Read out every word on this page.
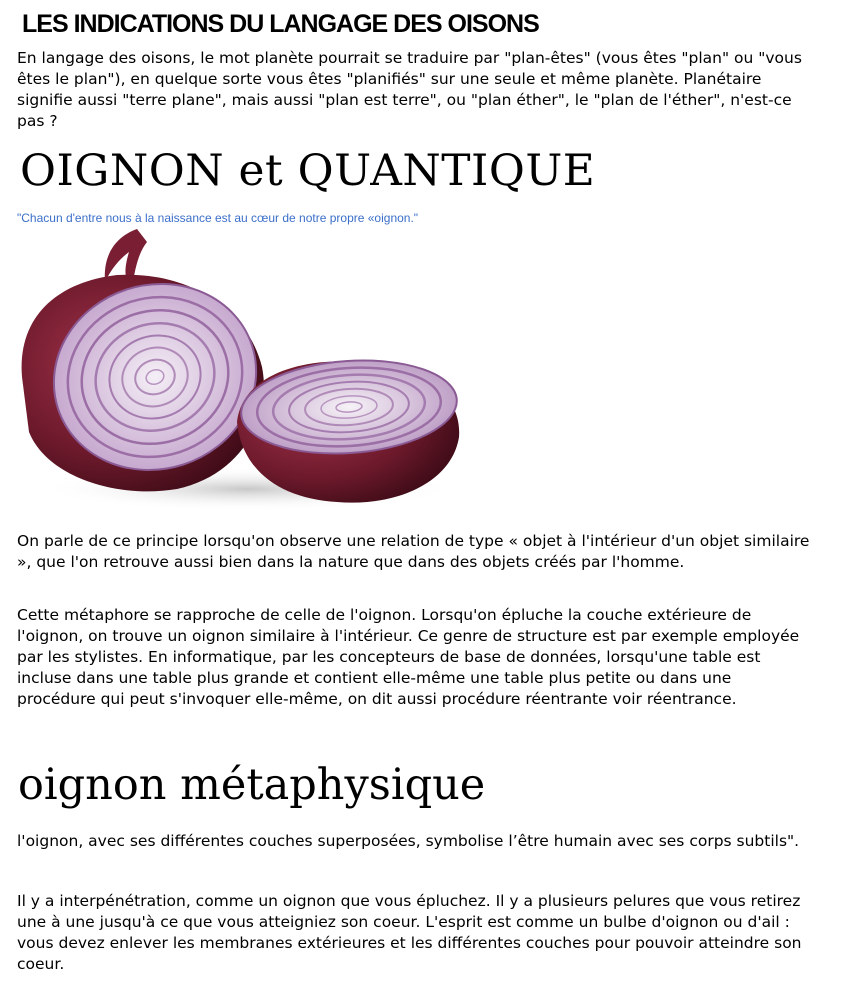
LES INDICATIONS DU LANGAGE DES OISONS

En langage des oisons, le mot planète pourrait se traduire par "plan-êtes" (vous êtes "plan" ou "vous êtes le plan"), en quelque sorte vous êtes "planifiés" sur une seule et même planète. Planétaire signifie aussi "terre plane", mais aussi "plan est terre", ou "plan éther", le "plan de l'éther", n'est-ce pas ?

OIGNON et QUANTIQUE

"Chacun d'entre nous à la naissance est au cœur de notre propre «oignon."

On parle de ce principe lorsqu'on observe une relation de type « objet à l'intérieur d'un objet similaire », que l'on retrouve aussi bien dans la nature que dans des objets créés par l'homme.

Cette métaphore se rapproche de celle de l'oignon. Lorsqu'on épluche la couche extérieure de l'oignon, on trouve un oignon similaire à l'intérieur. Ce genre de structure est par exemple employée par les stylistes. En informatique, par les concepteurs de base de données, lorsqu'une table est incluse dans une table plus grande et contient elle-même une table plus petite ou dans une procédure qui peut s'invoquer elle-même, on dit aussi procédure réentrante voir réentrance.

oignon métaphysique

l'oignon, avec ses différentes couches superposées, symbolise l’être humain avec ses corps subtils".

Il y a interpénétration, comme un oignon que vous épluchez. Il y a plusieurs pelures que vous retirez une à une jusqu'à ce que vous atteigniez son coeur. L'esprit est comme un bulbe d'oignon ou d'ail : vous devez enlever les membranes extérieures et les différentes couches pour pouvoir atteindre son coeur.
